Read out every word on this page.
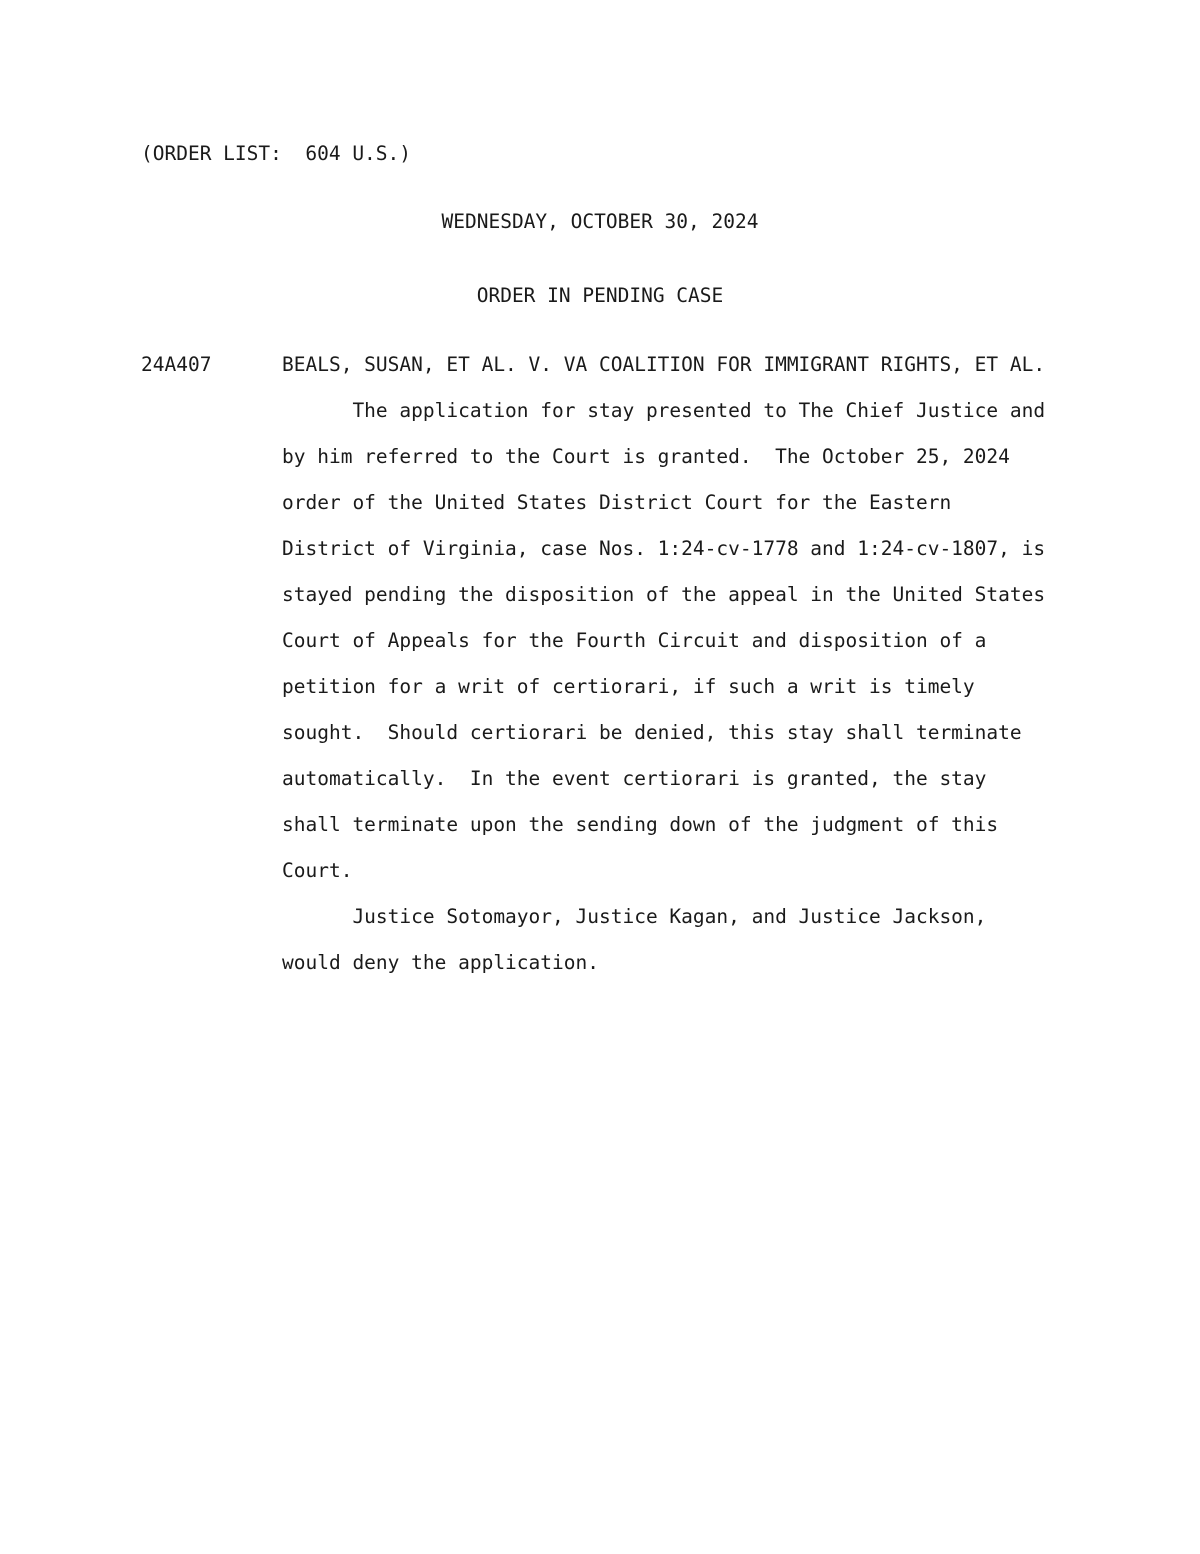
(ORDER LIST:  604 U.S.)
WEDNESDAY, OCTOBER 30, 2024
ORDER IN PENDING CASE
24A407	BEALS, SUSAN, ET AL. V. VA COALITION FOR IMMIGRANT RIGHTS, ET AL.
The application for stay presented to The Chief Justice and
by him referred to the Court is granted.  The October 25, 2024
order of the United States District Court for the Eastern
District of Virginia, case Nos. 1:24-cv-1778 and 1:24-cv-1807, is
stayed pending the disposition of the appeal in the United States
Court of Appeals for the Fourth Circuit and disposition of a
petition for a writ of certiorari, if such a writ is timely
sought.  Should certiorari be denied, this stay shall terminate
automatically.  In the event certiorari is granted, the stay
shall terminate upon the sending down of the judgment of this
Court.
Justice Sotomayor, Justice Kagan, and Justice Jackson,
would deny the application.
